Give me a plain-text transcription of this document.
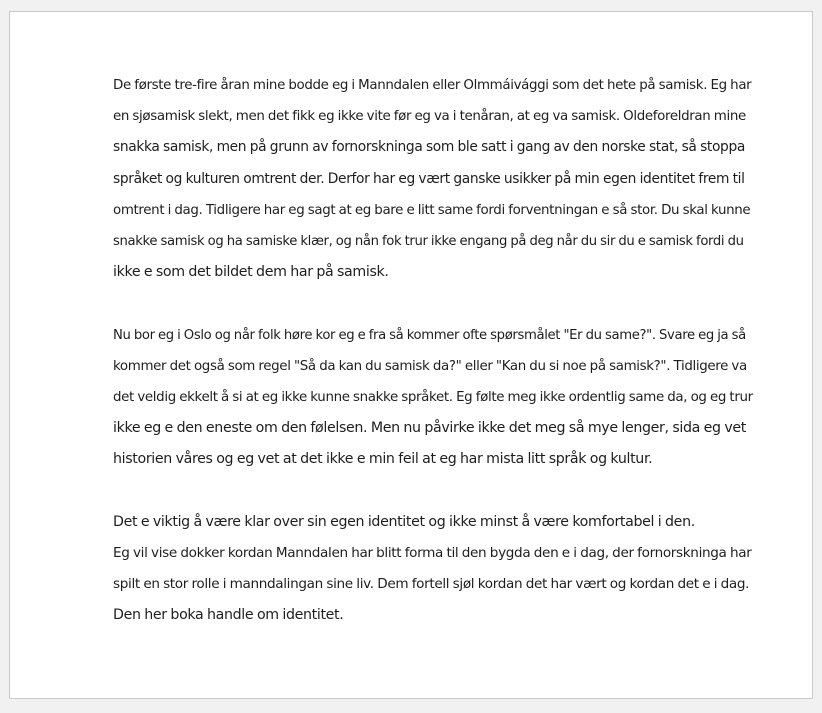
De første tre-fire åran mine bodde eg i Manndalen eller Olmmáivággi som det hete på samisk. Eg har

en sjøsamisk slekt, men det fikk eg ikke vite før eg va i tenåran, at eg va samisk. Oldeforeldran mine

snakka samisk, men på grunn av fornorskninga som ble satt i gang av den norske stat, så stoppa

språket og kulturen omtrent der. Derfor har eg vært ganske usikker på min egen identitet frem til

omtrent i dag. Tidligere har eg sagt at eg bare e litt same fordi forventningan e så stor. Du skal kunne

snakke samisk og ha samiske klær, og nån fok trur ikke engang på deg når du sir du e samisk fordi du

ikke e som det bildet dem har på samisk.

Nu bor eg i Oslo og når folk høre kor eg e fra så kommer ofte spørsmålet "Er du same?". Svare eg ja så

kommer det også som regel "Så da kan du samisk da?" eller "Kan du si noe på samisk?". Tidligere va

det veldig ekkelt å si at eg ikke kunne snakke språket. Eg følte meg ikke ordentlig same da, og eg trur

ikke eg e den eneste om den følelsen. Men nu påvirke ikke det meg så mye lenger, sida eg vet

historien våres og eg vet at det ikke e min feil at eg har mista litt språk og kultur.

Det e viktig å være klar over sin egen identitet og ikke minst å være komfortabel i den.

Eg vil vise dokker kordan Manndalen har blitt forma til den bygda den e i dag, der fornorskninga har

spilt en stor rolle i manndalingan sine liv. Dem fortell sjøl kordan det har vært og kordan det e i dag.

Den her boka handle om identitet.
